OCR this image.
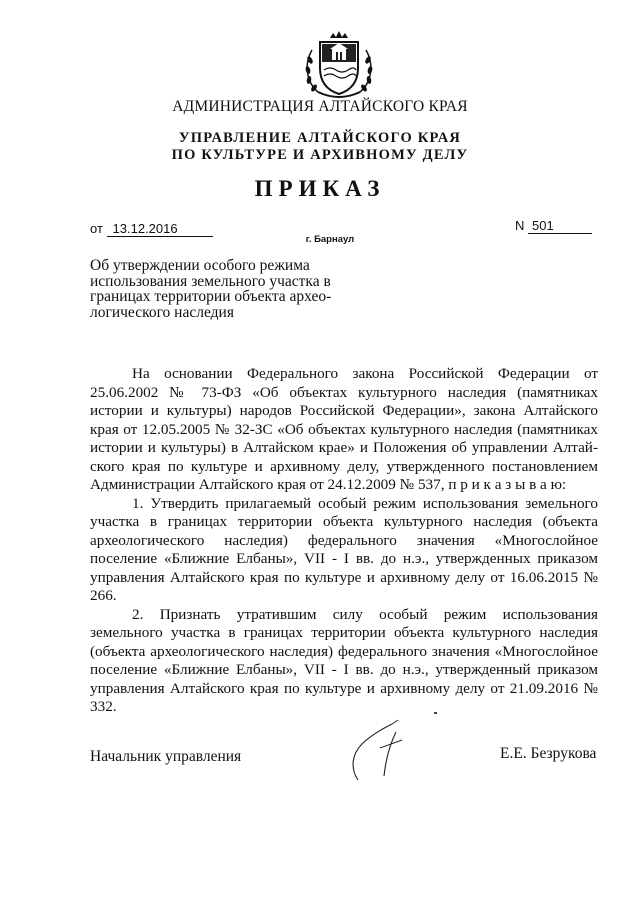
АДМИНИСТРАЦИЯ АЛТАЙСКОГО КРАЯ
УПРАВЛЕНИЕ АЛТАЙСКОГО КРАЯ
ПО КУЛЬТУРЕ И АРХИВНОМУ ДЕЛУ
ПРИКАЗ
от 13.12.2016
г. Барнаул
N 501
Об утверждении особого режима использования земельного участка в границах территории объекта архео-логического наследия

На основании Федерального закона Российской Федерации от 25.06.2002 № 73-ФЗ «Об объектах культурного наследия (памятниках истории и культуры) народов Российской Федерации», закона Алтайского края от 12.05.2005 № 32-ЗС «Об объектах культурного наследия (памятниках истории и культуры) в Алтайском крае» и Положения об управлении Алтай-ского края по культуре и архивному делу, утвержденного постановлением Администрации Алтайского края от 24.12.2009 № 537, п р и к а з ы в а ю:

1. Утвердить прилагаемый особый режим использования земельного участка в границах территории объекта культурного наследия (объекта археологического наследия) федерального значения «Многослойное поселение «Ближние Елбаны», VII - I вв. до н.э., утвержденных приказом управления Алтайского края по культуре и архивному делу от 16.06.2015 № 266.

2. Признать утратившим силу особый режим использования земельного участка в границах территории объекта культурного наследия (объекта археологического наследия) федерального значения «Многослойное поселение «Ближние Елбаны», VII - I вв. до н.э., утвержденный приказом управления Алтайского края по культуре и архивному делу от 21.09.2016 № 332.

Начальник управления	Е.Е. Безрукова
